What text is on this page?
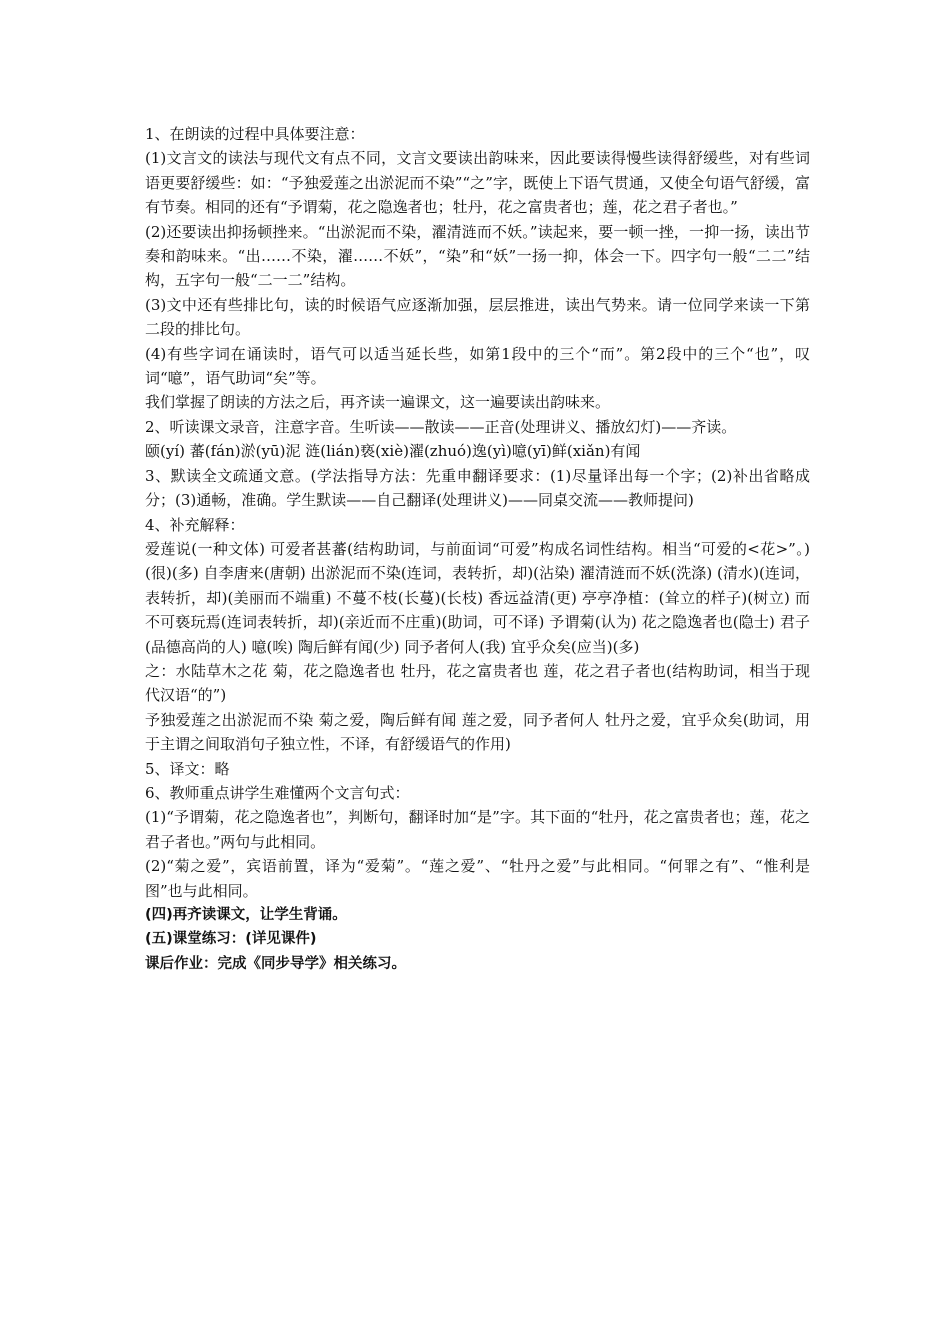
1、在朗读的过程中具体要注意：

(1)文言文的读法与现代文有点不同，文言文要读出韵味来，因此要读得慢些读得舒缓些，对有些词语更要舒缓些：如：“予独爱莲之出淤泥而不染”“之”字，既使上下语气贯通，又使全句语气舒缓，富有节奏。相同的还有“予谓菊，花之隐逸者也；牡丹，花之富贵者也；莲，花之君子者也。”

(2)还要读出抑扬顿挫来。“出淤泥而不染，濯清涟而不妖。”读起来，要一顿一挫，一抑一扬，读出节奏和韵味来。“出……不染，濯……不妖”，“染”和“妖”一扬一抑，体会一下。四字句一般“二二”结构，五字句一般“二一二”结构。

(3)文中还有些排比句，读的时候语气应逐渐加强，层层推进，读出气势来。请一位同学来读一下第二段的排比句。

(4)有些字词在诵读时，语气可以适当延长些，如第1段中的三个“而”。第2段中的三个“也”，叹词“噫”，语气助词“矣”等。

我们掌握了朗读的方法之后，再齐读一遍课文，这一遍要读出韵味来。

2、听读课文录音，注意字音。生听读——散读——正音(处理讲义、播放幻灯)——齐读。

颐(yí) 蕃(fán)淤(yū)泥 涟(lián)亵(xiè)濯(zhuó)逸(yì)噫(yī)鲜(xiǎn)有闻

3、默读全文疏通文意。(学法指导方法：先重申翻译要求：(1)尽量译出每一个字；(2)补出省略成分；(3)通畅，准确。学生默读——自己翻译(处理讲义)——同桌交流——教师提问)

4、补充解释：

爱莲说(一种文体) 可爱者甚蕃(结构助词，与前面词“可爱”构成名词性结构。相当“可爱的<花>”。)(很)(多) 自李唐来(唐朝) 出淤泥而不染(连词，表转折，却)(沾染) 濯清涟而不妖(洗涤) (清水)(连词，表转折，却)(美丽而不端重) 不蔓不枝(长蔓)(长枝) 香远益清(更) 亭亭净植：(耸立的样子)(树立) 而不可亵玩焉(连词表转折，却)(亲近而不庄重)(助词，可不译) 予谓菊(认为) 花之隐逸者也(隐士) 君子(品德高尚的人) 噫(唉) 陶后鲜有闻(少) 同予者何人(我) 宜乎众矣(应当)(多)

之：水陆草木之花 菊，花之隐逸者也 牡丹，花之富贵者也 莲，花之君子者也(结构助词，相当于现代汉语“的”)

予独爱莲之出淤泥而不染 菊之爱，陶后鲜有闻 莲之爱，同予者何人 牡丹之爱，宜乎众矣(助词，用于主谓之间取消句子独立性，不译，有舒缓语气的作用)

5、译文：略

6、教师重点讲学生难懂两个文言句式：

(1)“予谓菊，花之隐逸者也”，判断句，翻译时加“是”字。其下面的“牡丹，花之富贵者也；莲，花之君子者也。”两句与此相同。

(2)“菊之爱”，宾语前置，译为“爱菊”。“莲之爱”、“牡丹之爱”与此相同。“何罪之有”、“惟利是图”也与此相同。

(四)再齐读课文，让学生背诵。

(五)课堂练习：(详见课件)

课后作业：完成《同步导学》相关练习。
